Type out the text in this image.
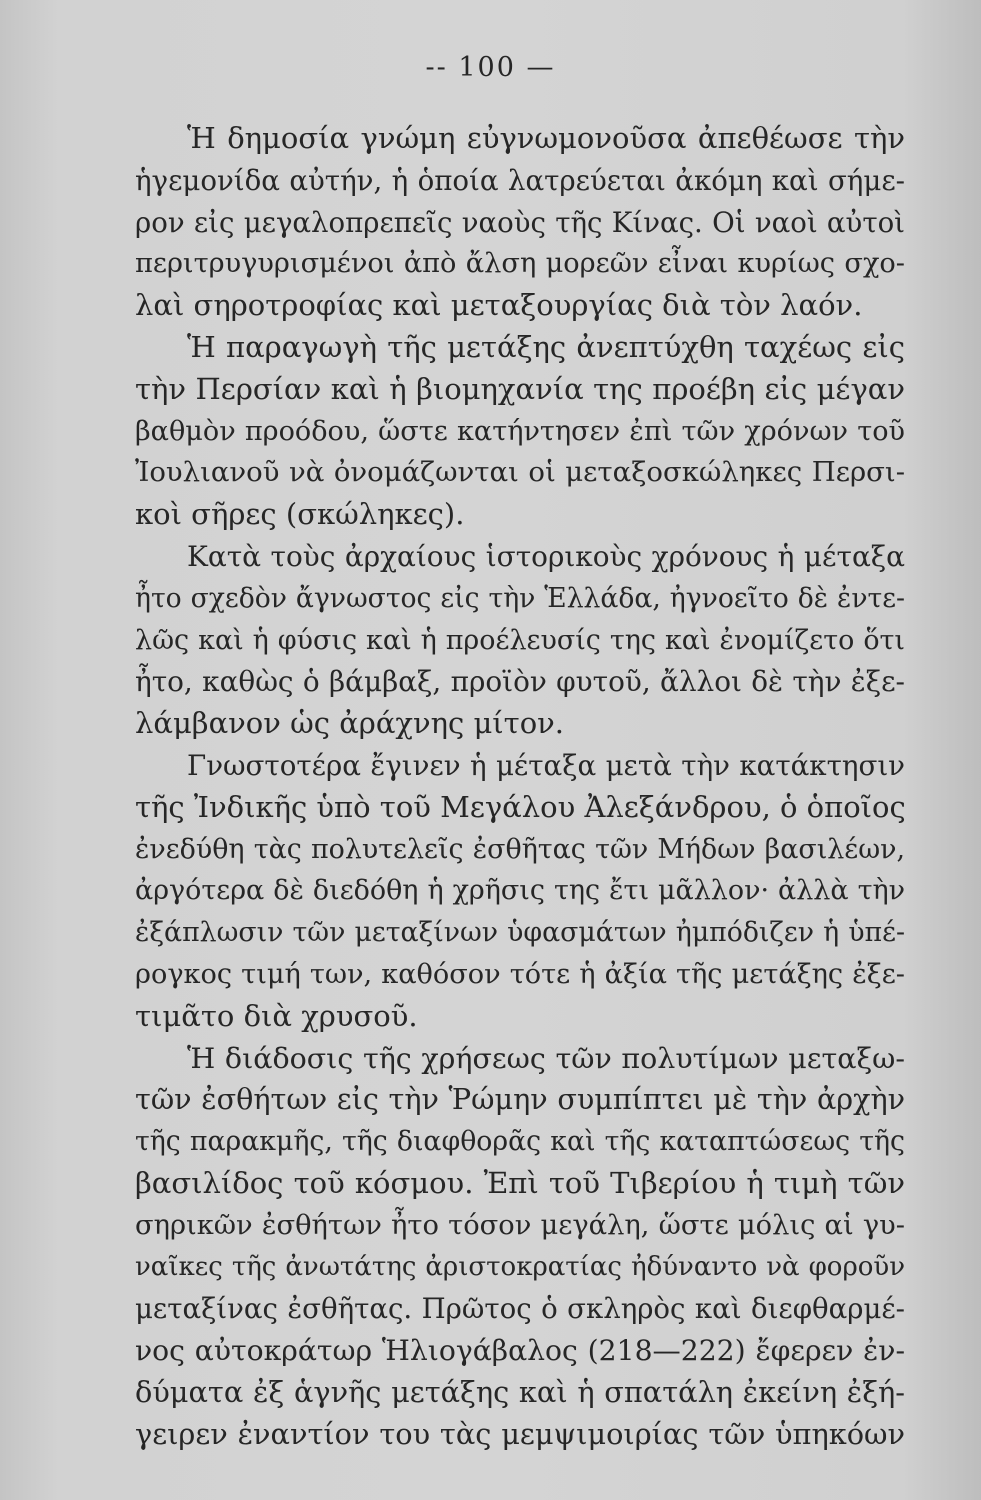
-- 100 —
Ἡ δημοσία γνώμη εὐγνωμονοῦσα ἀπεθέωσε τὴν
ἡγεμονίδα αὐτήν, ἡ ὁποία λατρεύεται ἀκόμη καὶ σήμε-
ρον εἰς μεγαλοπρεπεῖς ναοὺς τῆς Κίνας. Οἱ ναοὶ αὐτοὶ
περιτρυγυρισμένοι ἀπὸ ἄλση μορεῶν εἶναι κυρίως σχο-
λαὶ σηροτροφίας καὶ μεταξουργίας διὰ τὸν λαόν.
Ἡ παραγωγὴ τῆς μετάξης ἀνεπτύχθη ταχέως εἰς
τὴν Περσίαν καὶ ἡ βιομηχανία της προέβη εἰς μέγαν
βαθμὸν προόδου, ὥστε κατήντησεν ἐπὶ τῶν χρόνων τοῦ
Ἰουλιανοῦ νὰ ὀνομάζωνται οἱ μεταξοσκώληκες Περσι-
κοὶ σῆρες (σκώληκες).
Κατὰ τοὺς ἀρχαίους ἱστορικοὺς χρόνους ἡ μέταξα
ἦτο σχεδὸν ἄγνωστος εἰς τὴν Ἑλλάδα, ἠγνοεῖτο δὲ ἐντε-
λῶς καὶ ἡ φύσις καὶ ἡ προέλευσίς της καὶ ἐνομίζετο ὅτι
ἦτο, καθὼς ὁ βάμβαξ, προϊὸν φυτοῦ, ἄλλοι δὲ τὴν ἐξε-
λάμβανον ὡς ἀράχνης μίτον.
Γνωστοτέρα ἔγινεν ἡ μέταξα μετὰ τὴν κατάκτησιν
τῆς Ἰνδικῆς ὑπὸ τοῦ Μεγάλου Ἀλεξάνδρου, ὁ ὁποῖος
ἐνεδύθη τὰς πολυτελεῖς ἐσθῆτας τῶν Μήδων βασιλέων,
ἀργότερα δὲ διεδόθη ἡ χρῆσις της ἔτι μᾶλλον· ἀλλὰ τὴν
ἐξάπλωσιν τῶν μεταξίνων ὑφασμάτων ἠμπόδιζεν ἡ ὑπέ-
ρογκος τιμή των, καθόσον τότε ἡ ἀξία τῆς μετάξης ἐξε-
τιμᾶτο διὰ χρυσοῦ.
Ἡ διάδοσις τῆς χρήσεως τῶν πολυτίμων μεταξω-
τῶν ἐσθήτων εἰς τὴν Ῥώμην συμπίπτει μὲ τὴν ἀρχὴν
τῆς παρακμῆς, τῆς διαφθορᾶς καὶ τῆς καταπτώσεως τῆς
βασιλίδος τοῦ κόσμου. Ἐπὶ τοῦ Τιβερίου ἡ τιμὴ τῶν
σηρικῶν ἐσθήτων ἦτο τόσον μεγάλη, ὥστε μόλις αἱ γυ-
ναῖκες τῆς ἀνωτάτης ἀριστοκρατίας ἠδύναντο νὰ φοροῦν
μεταξίνας ἐσθῆτας. Πρῶτος ὁ σκληρὸς καὶ διεφθαρμέ-
νος αὐτοκράτωρ Ἡλιογάβαλος (218—222) ἔφερεν ἐν-
δύματα ἐξ ἁγνῆς μετάξης καὶ ἡ σπατάλη ἐκείνη ἐξή-
γειρεν ἐναντίον του τὰς μεμψιμοιρίας τῶν ὑπηκόων
